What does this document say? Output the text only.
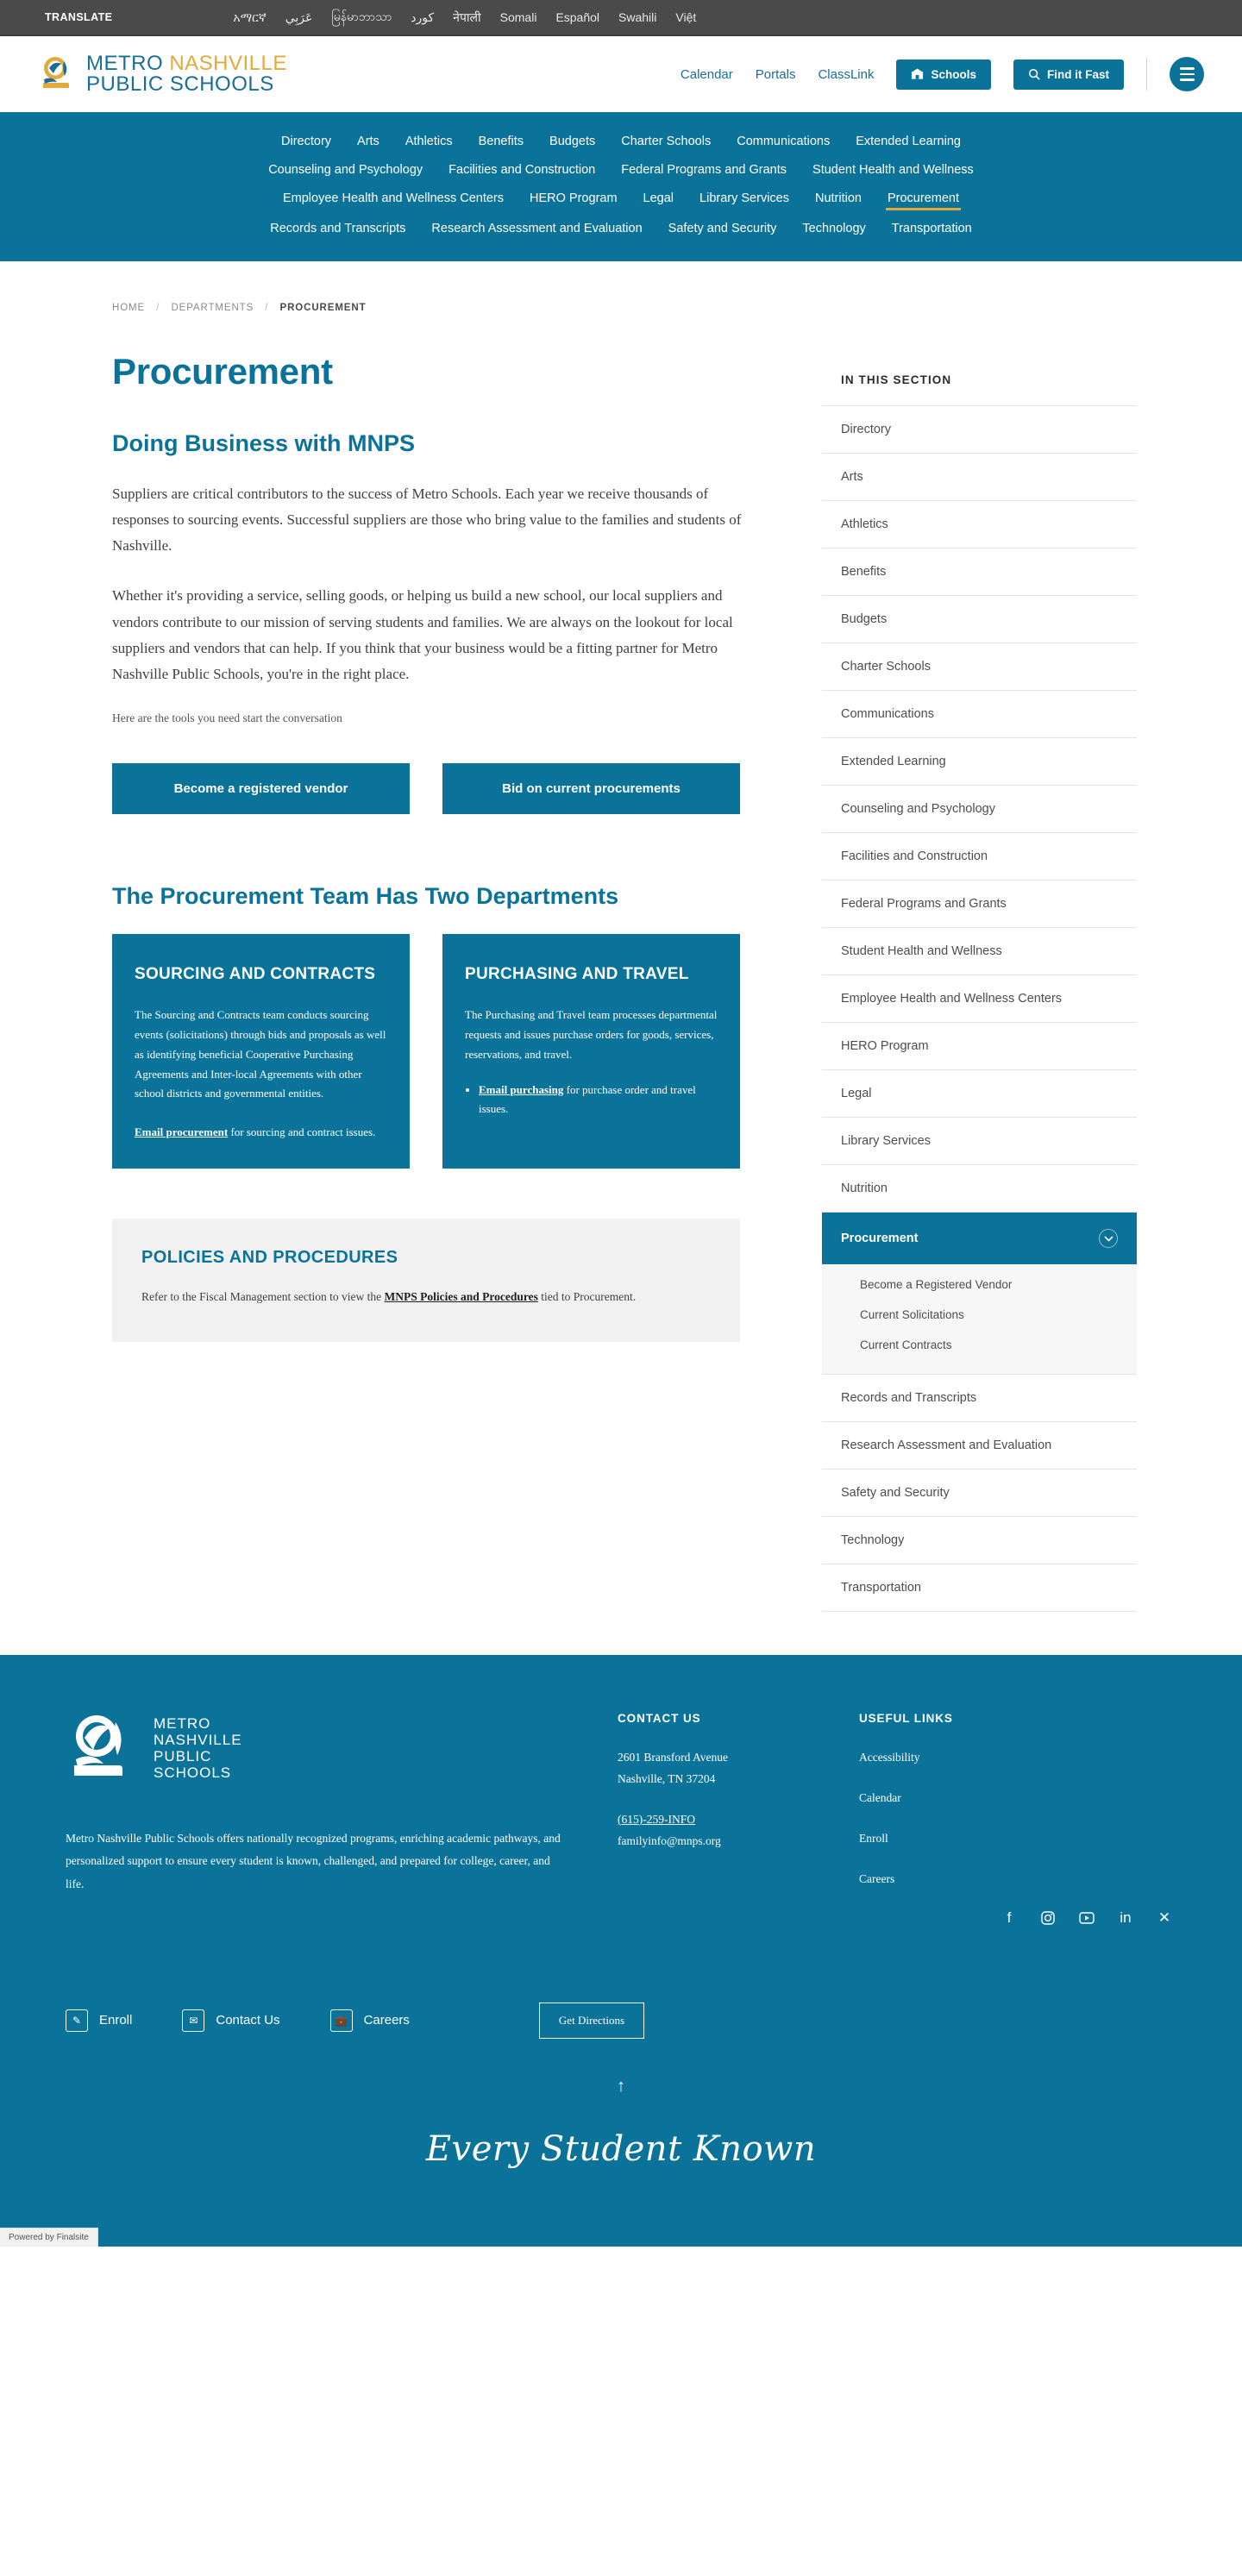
TRANSLATE	አማርኛ عَرَبِي မြန်မာဘာသာ کورد नेपाली Somali Español Swahili Việt
METRO NASHVILLE
PUBLIC SCHOOLS	Calendar Portals ClassLink	Schools	Find it Fast
Directory Arts Athletics Benefits Budgets Charter Schools Communications Extended Learning
Counseling and Psychology Facilities and Construction Federal Programs and Grants Student Health and Wellness
Employee Health and Wellness Centers HERO Program Legal Library Services Nutrition Procurement
Records and Transcripts Research Assessment and Evaluation Safety and Security Technology Transportation
HOME / DEPARTMENTS / PROCUREMENT
Procurement
Doing Business with MNPS

Suppliers are critical contributors to the success of Metro Schools. Each year we receive thousands of responses to sourcing events. Successful suppliers are those who bring value to the families and students of Nashville.

Whether it's providing a service, selling goods, or helping us build a new school, our local suppliers and vendors contribute to our mission of serving students and families. We are always on the lookout for local suppliers and vendors that can help. If you think that your business would be a fitting partner for Metro Nashville Public Schools, you're in the right place.

Here are the tools you need start the conversation

Become a registered vendor	Bid on current procurements
The Procurement Team Has Two Departments
SOURCING AND CONTRACTS

The Sourcing and Contracts team conducts sourcing events (solicitations) through bids and proposals as well as identifying beneficial Cooperative Purchasing Agreements and Inter-local Agreements with other school districts and governmental entities.

Email procurement for sourcing and contract issues.

PURCHASING AND TRAVEL

The Purchasing and Travel team processes departmental requests and issues purchase orders for goods, services, reservations, and travel.

• Email purchasing for purchase order and travel issues.
POLICIES AND PROCEDURES

Refer to the Fiscal Management section to view the MNPS Policies and Procedures tied to Procurement.

IN THIS SECTION
Directory
Arts
Athletics
Benefits
Budgets
Charter Schools
Communications
Extended Learning
Counseling and Psychology
Facilities and Construction
Federal Programs and Grants
Student Health and Wellness
Employee Health and Wellness Centers
HERO Program
Legal
Library Services
Nutrition
Procurement
Become a Registered Vendor
Current Solicitations
Current Contracts
Records and Transcripts
Research Assessment and Evaluation
Safety and Security
Technology
Transportation
METRO
NASHVILLE
PUBLIC
SCHOOLS

Metro Nashville Public Schools offers nationally recognized programs, enriching academic pathways, and personalized support to ensure every student is known, challenged, and prepared for college, career, and life.

CONTACT US

2601 Bransford Avenue

Nashville, TN 37204

(615)-259-INFO
familyinfo@mnps.org
USEFUL LINKS
Accessibility
Calendar
Enroll
Careers
f	in ✕
✎	Enroll	✉	Contact Us	💼	Careers	Get Directions
↑
Every Student Known
Powered by Finalsite
